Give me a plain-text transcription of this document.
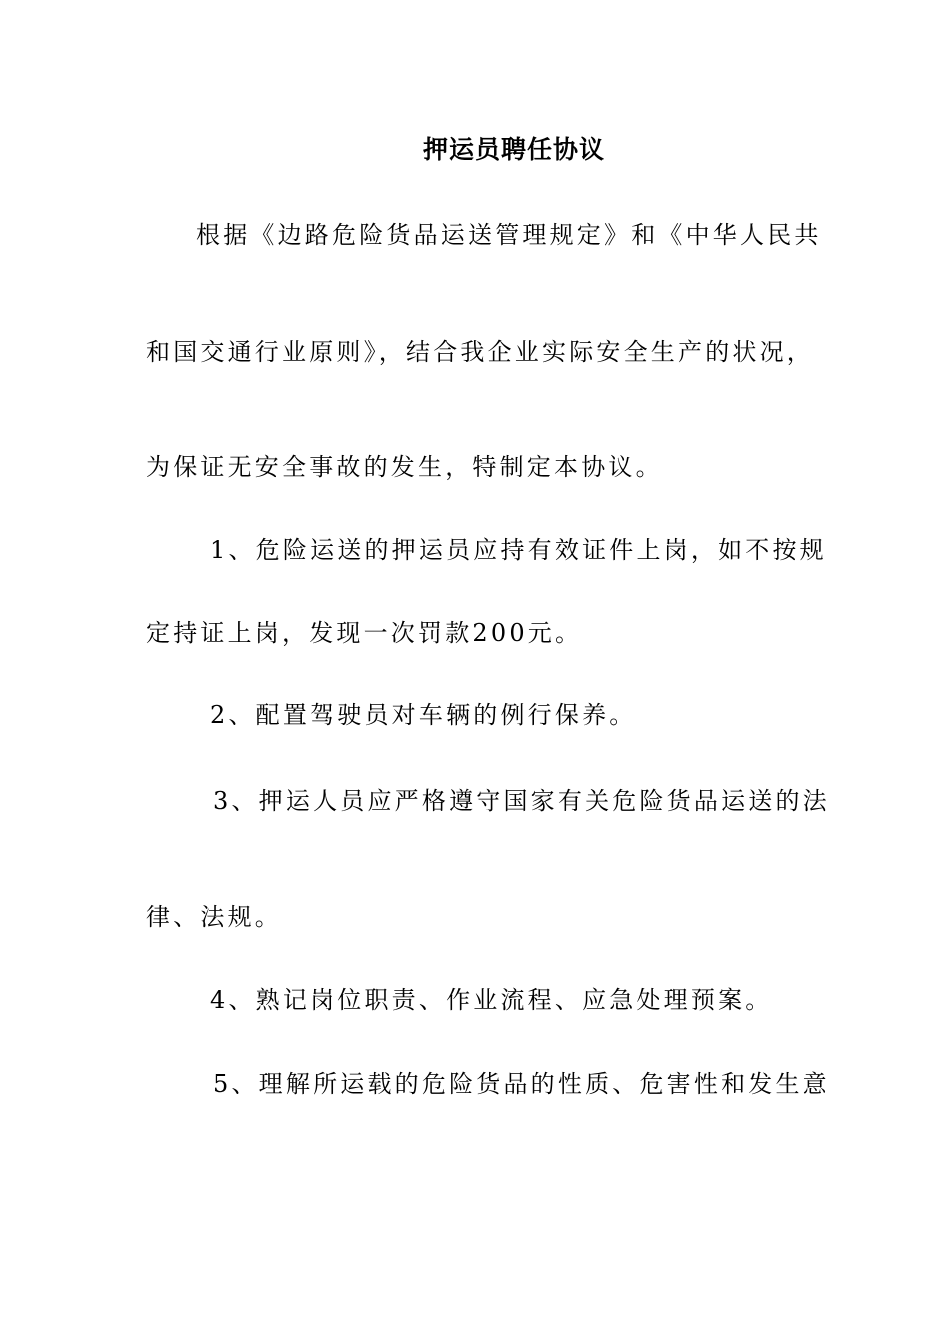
押运员聘任协议
根据《边路危险货品运送管理规定》和《中华人民共
和国交通行业原则》，结合我企业实际安全生产的状况，
为保证无安全事故的发生，特制定本协议。
1、危险运送的押运员应持有效证件上岗，如不按规
定持证上岗，发现一次罚款200元。
2、配置驾驶员对车辆的例行保养。
3、押运人员应严格遵守国家有关危险货品运送的法
律、法规。
4、熟记岗位职责、作业流程、应急处理预案。
5、理解所运载的危险货品的性质、危害性和发生意
